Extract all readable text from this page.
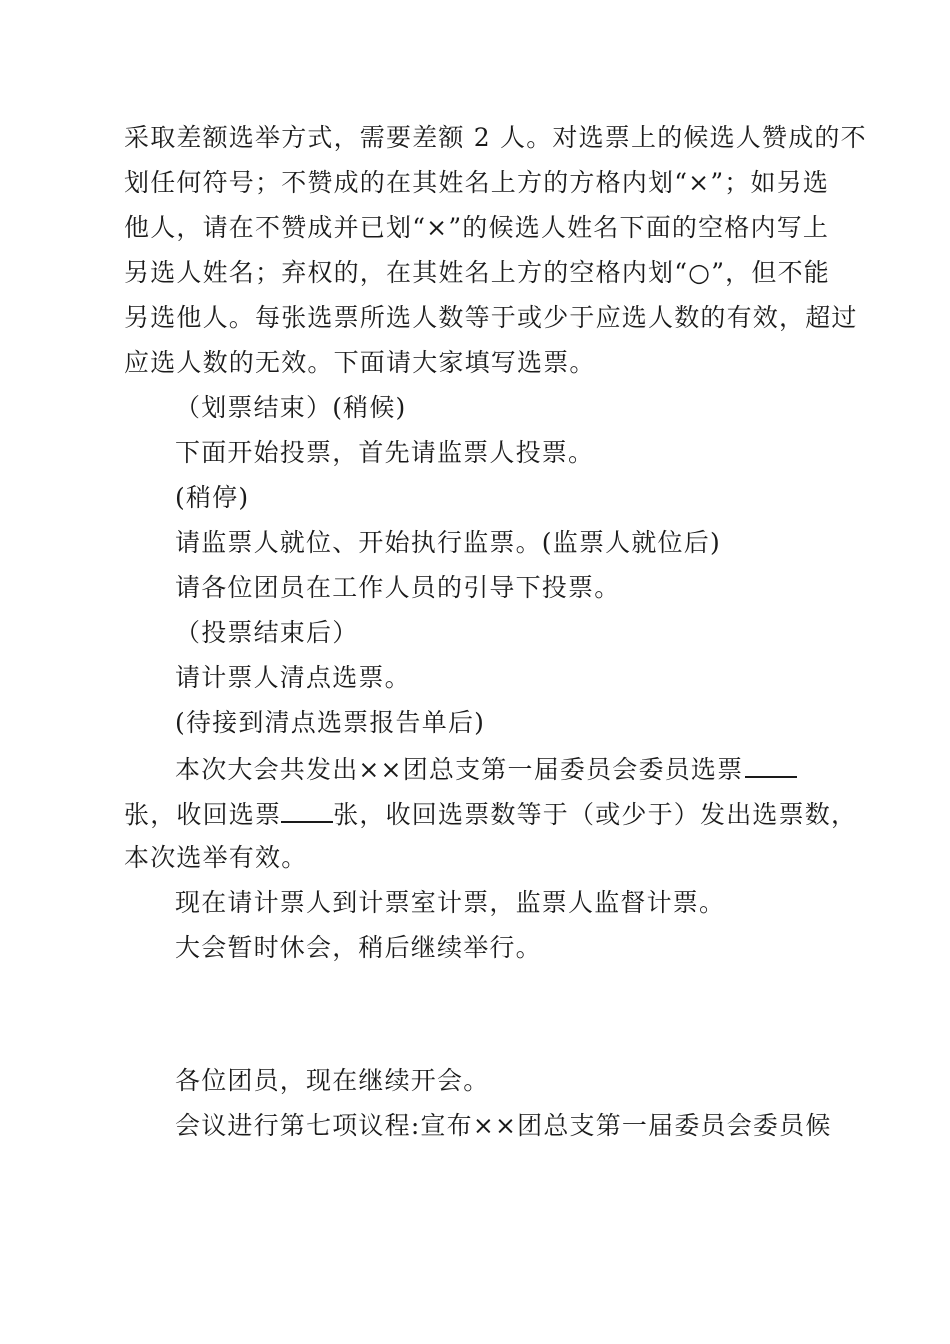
采取差额选举方式，需要差额 2 人。对选票上的候选人赞成的不
划任何符号；不赞成的在其姓名上方的方格内划“×”；如另选
他人，请在不赞成并已划“×”的候选人姓名下面的空格内写上
另选人姓名；弃权的，在其姓名上方的空格内划“○”，但不能
另选他人。每张选票所选人数等于或少于应选人数的有效，超过
应选人数的无效。下面请大家填写选票。
（划票结束）(稍候)
下面开始投票，首先请监票人投票。
(稍停)
请监票人就位、开始执行监票。(监票人就位后)
请各位团员在工作人员的引导下投票。
（投票结束后）
请计票人清点选票。
(待接到清点选票报告单后)
本次大会共发出××团总支第一届委员会委员选票
张，收回选票 张，收回选票数等于（或少于）发出选票数，
本次选举有效。
现在请计票人到计票室计票，监票人监督计票。
大会暂时休会，稍后继续举行。
各位团员，现在继续开会。
会议进行第七项议程:宣布××团总支第一届委员会委员候
